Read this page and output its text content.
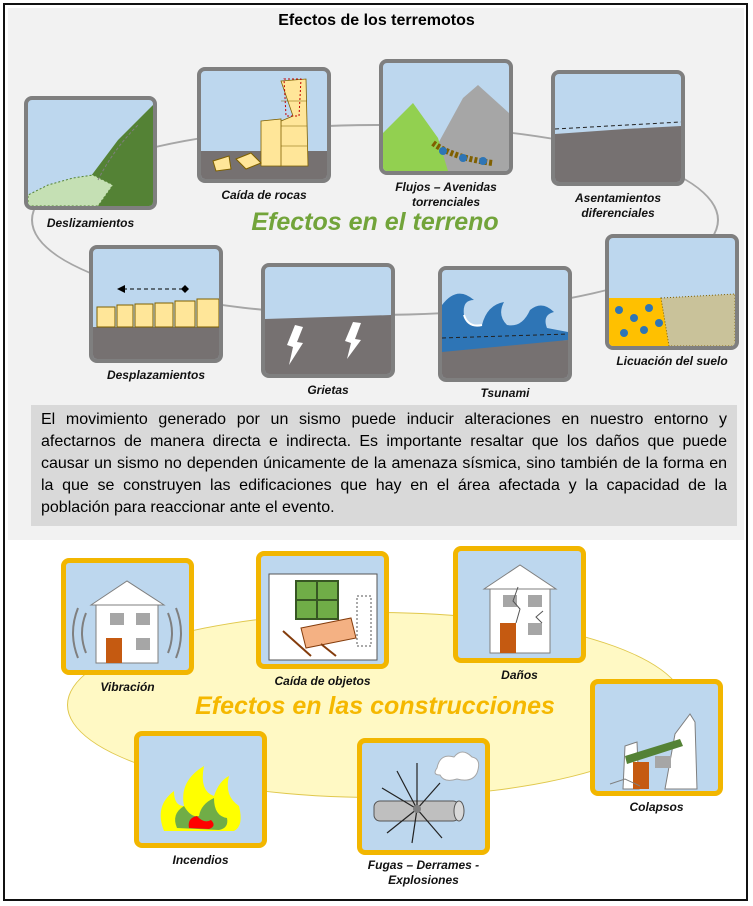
Efectos de los terremotos
Efectos en el terreno
Deslizamientos
Caída de rocas
Flujos – Avenidas torrenciales	Asentamientos diferenciales
Desplazamientos
Grietas	Tsunami
Licuación del suelo
El movimiento generado por un sismo puede inducir alteraciones en nuestro entorno y afectarnos de manera directa e indirecta. Es importante resaltar que los daños que puede causar un sismo no dependen únicamente de la amenaza sísmica, sino también de la forma en la que se construyen las edificaciones que hay en el área afectada y la capacidad de la población para reaccionar ante el evento.
Efectos en las construcciones
Vibración	Caída de objetos	Daños
Incendios	Fugas – Derrames - Explosiones
Colapsos
